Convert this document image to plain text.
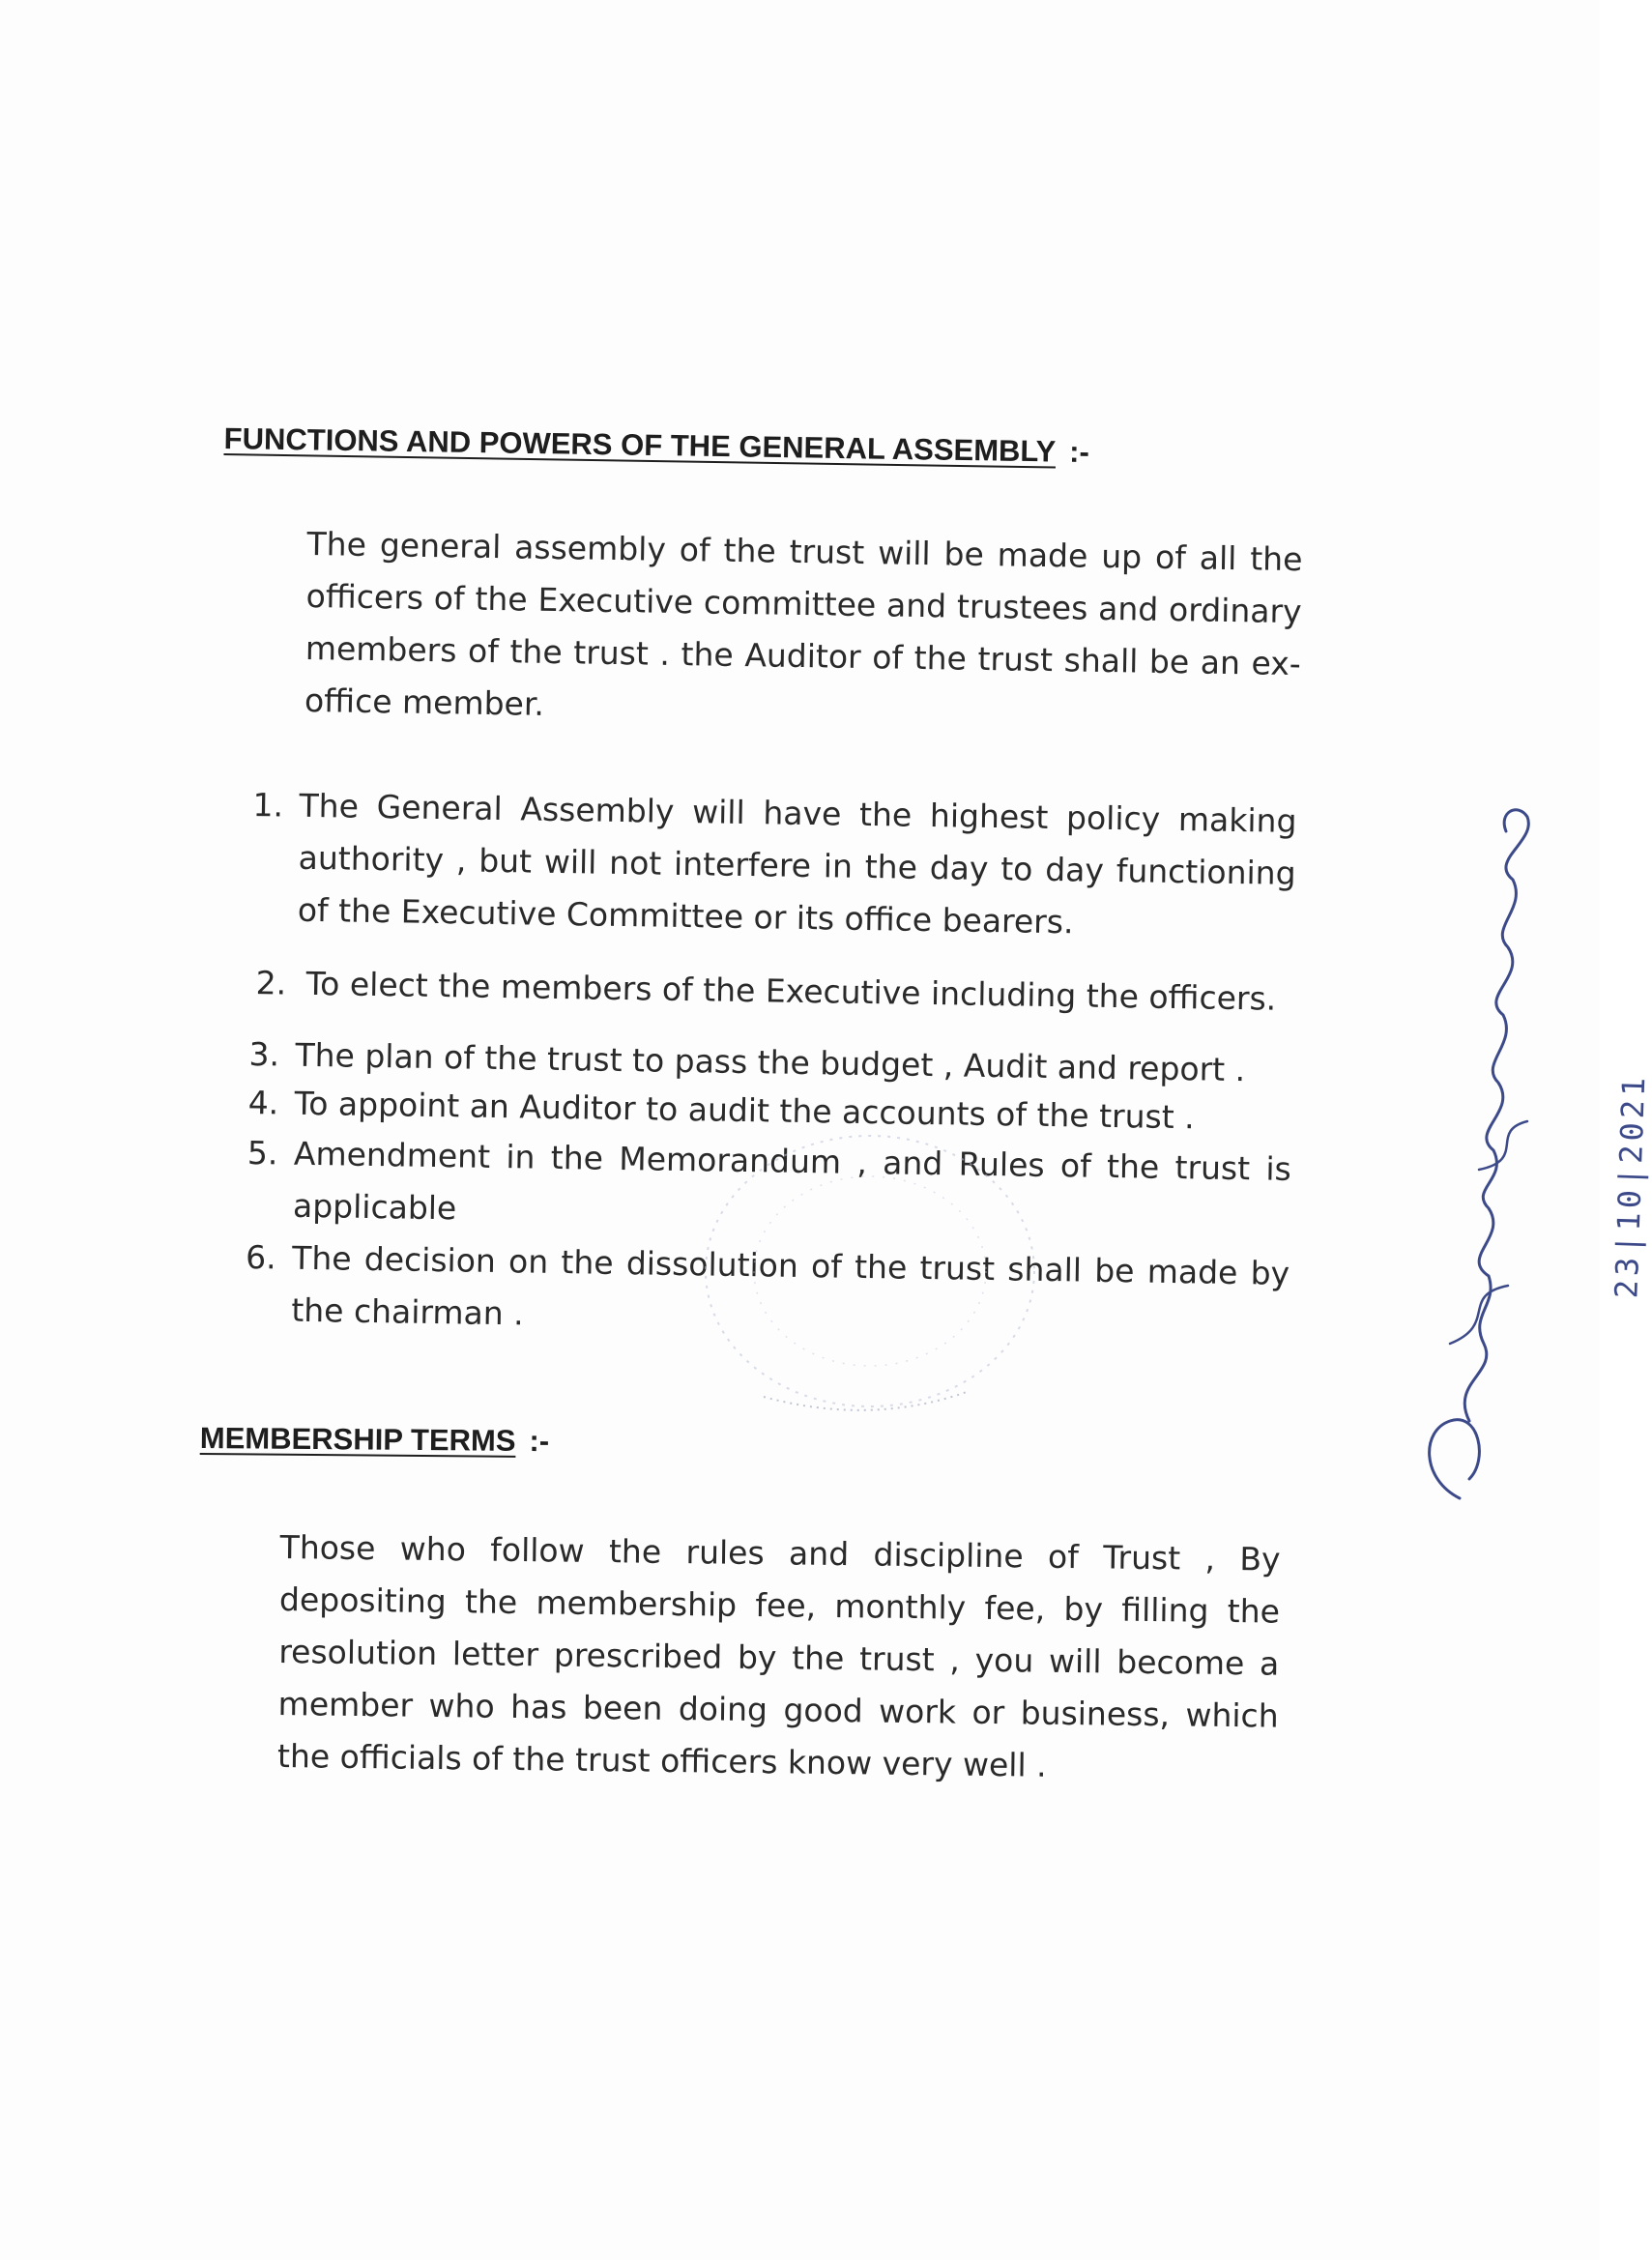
FUNCTIONS AND POWERS OF THE GENERAL ASSEMBLY :-
The general assembly of the trust will be made up of all the officers of the Executive committee and trustees and ordinary members of the trust . the Auditor of the trust shall be an ex-office member.
1. The General Assembly will have the highest policy making authority , but will not interfere in the day to day functioning of the Executive Committee or its office bearers.
2. To elect the members of the Executive including the officers.
3. The plan of the trust to pass the budget , Audit and report .
4. To appoint an Auditor to audit the accounts of the trust .
5. Amendment in the Memorandum , and Rules of the trust is applicable
6. The decision on the dissolution of the trust shall be made by the chairman .
MEMBERSHIP TERMS :-
Those who follow the rules and discipline of Trust , By depositing the membership fee, monthly fee, by filling the resolution letter prescribed by the trust , you will become a member who has been doing good work or business, which the officials of the trust officers know very well .
23|10|2021
